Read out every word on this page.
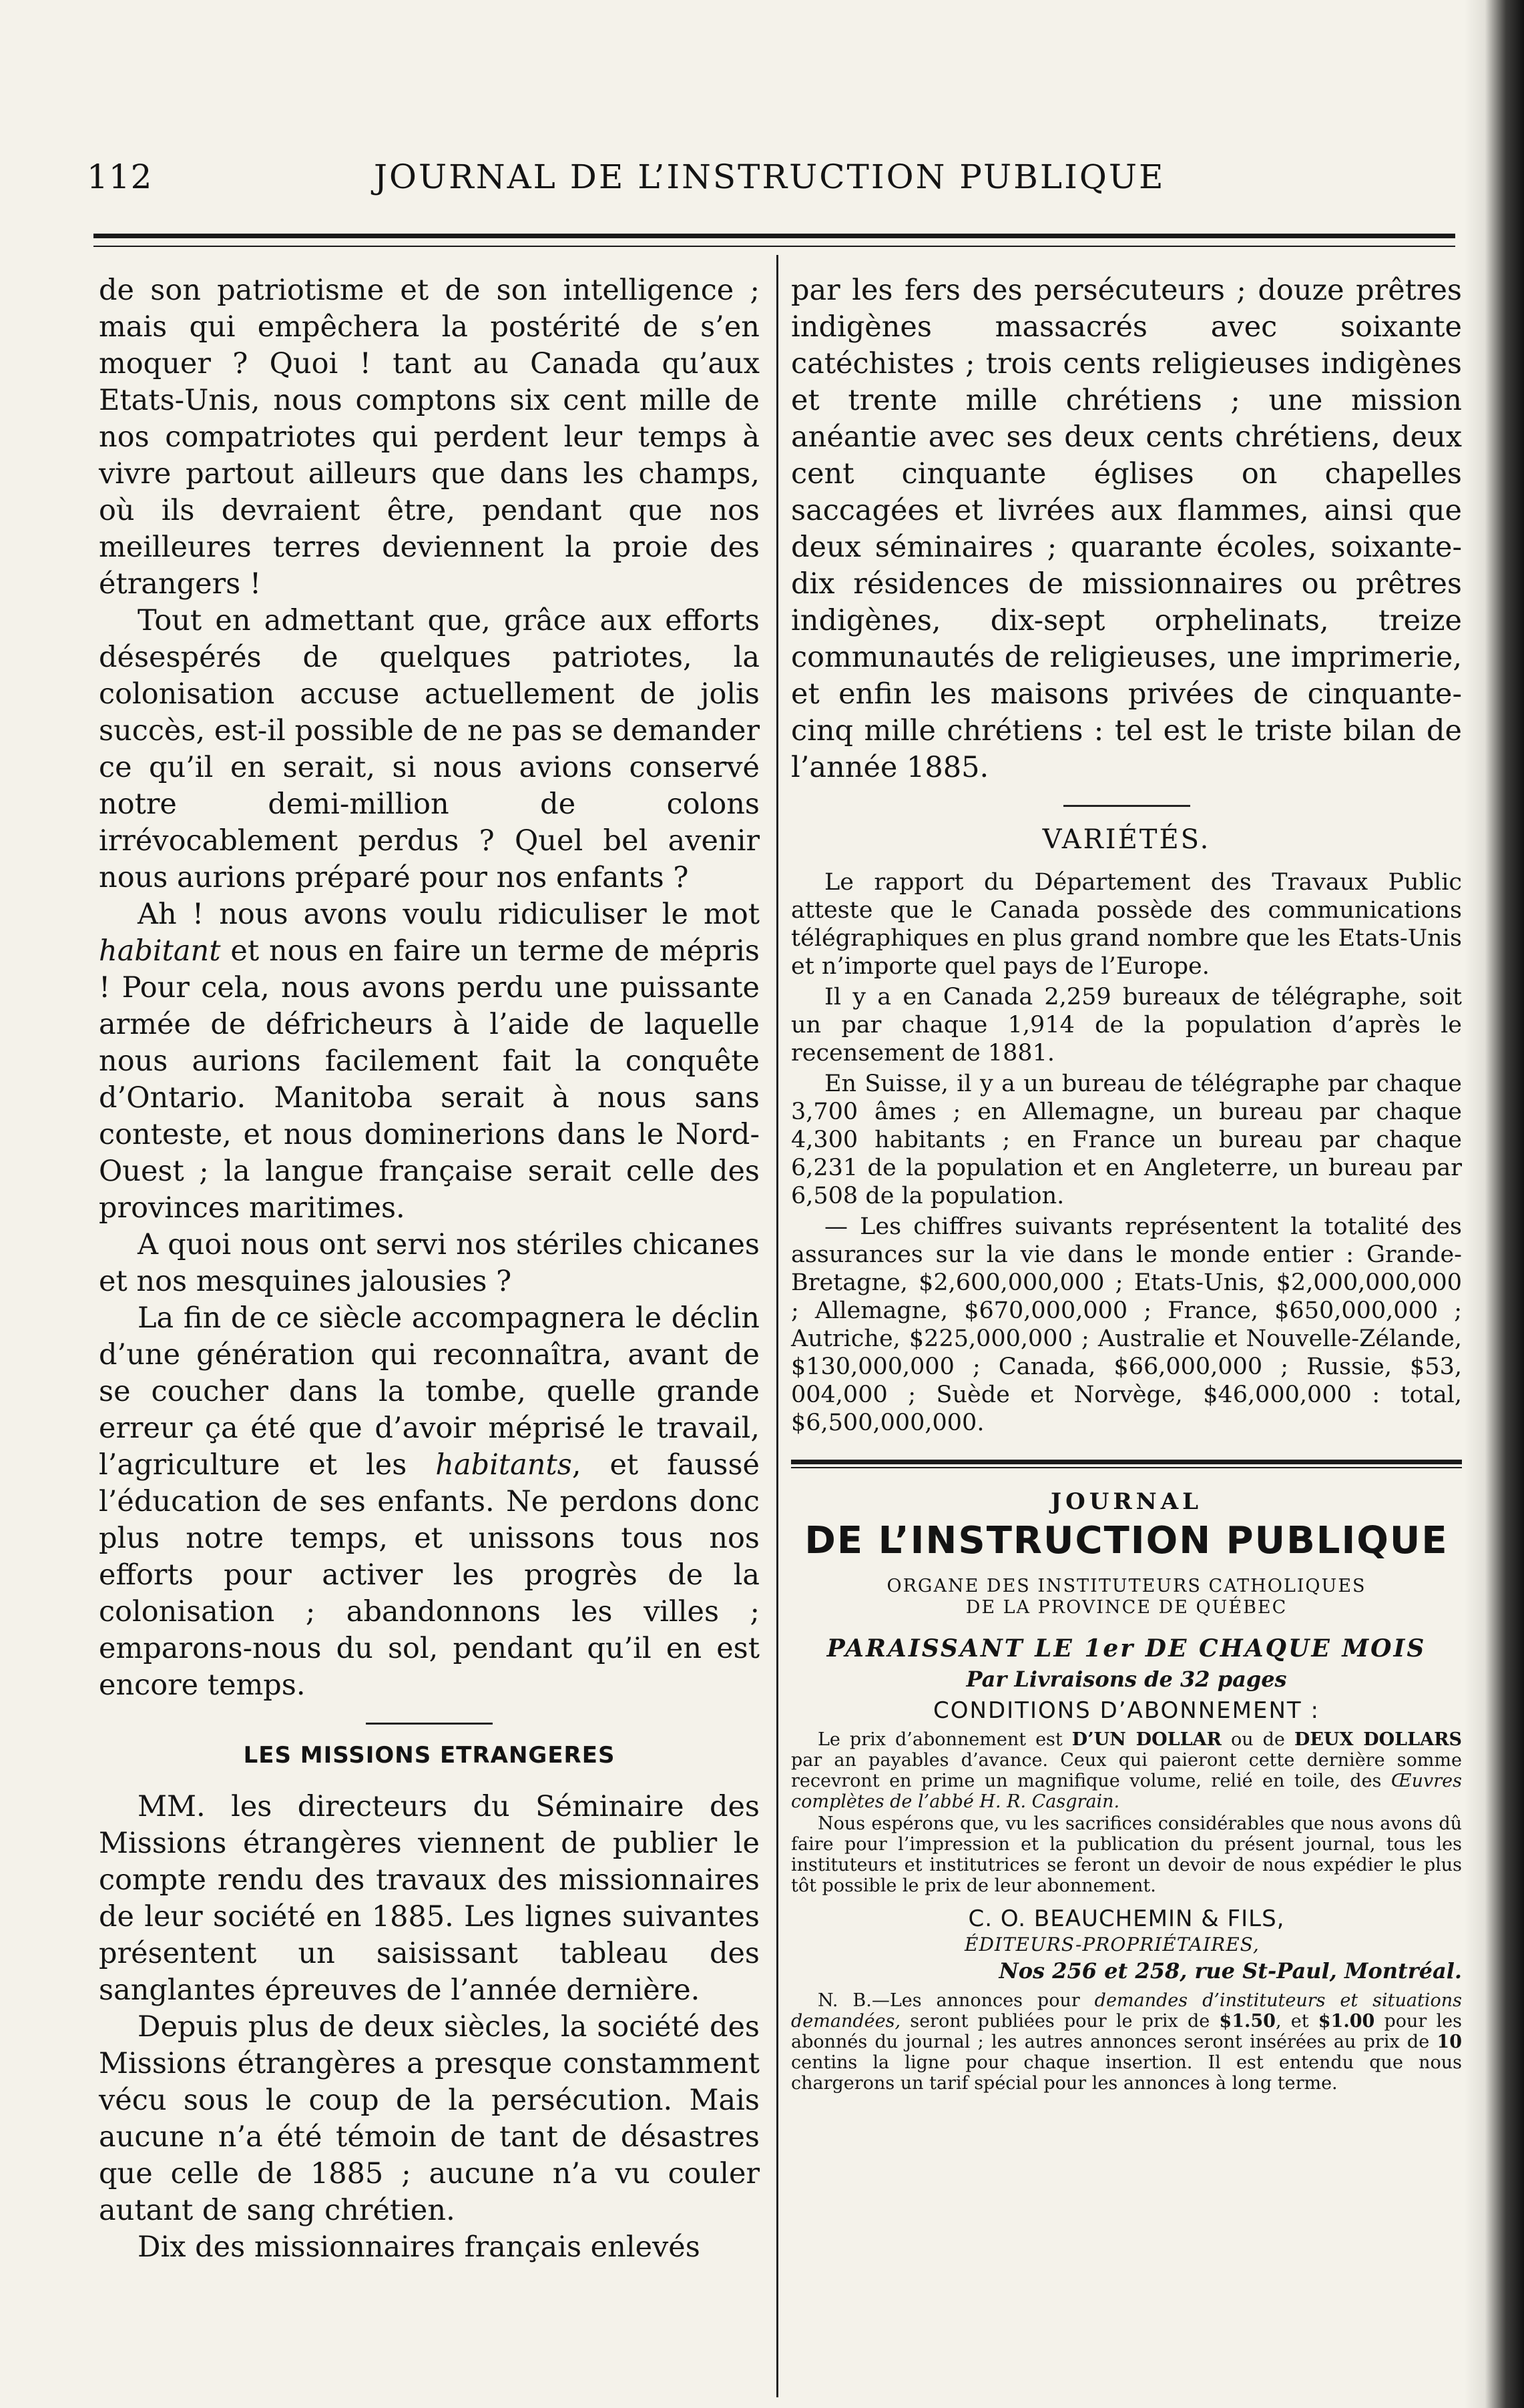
112	JOURNAL DE L’INSTRUCTION PUBLIQUE

de son patriotisme et de son intelligence ; mais qui empêchera la postérité de s’en moquer ? Quoi ! tant au Canada qu’aux Etats-Unis, nous comptons six cent mille de nos compatriotes qui perdent leur temps à vivre partout ailleurs que dans les champs, où ils devraient être, pendant que nos meilleures terres deviennent la proie des étrangers !

Tout en admettant que, grâce aux efforts désespérés de quelques patriotes, la colonisation accuse actuellement de jolis succès, est-il possible de ne pas se demander ce qu’il en serait, si nous avions conservé notre demi-million de colons irrévocablement perdus ? Quel bel avenir nous aurions préparé pour nos enfants ?

Ah ! nous avons voulu ridiculiser le mot habitant et nous en faire un terme de mépris ! Pour cela, nous avons perdu une puissante armée de défricheurs à l’aide de laquelle nous aurions facilement fait la conquête d’Ontario. Manitoba serait à nous sans conteste, et nous dominerions dans le Nord-Ouest ; la langue française serait celle des provinces maritimes.

A quoi nous ont servi nos stériles chicanes et nos mesquines jalousies ?

La fin de ce siècle accompagnera le déclin d’une génération qui reconnaîtra, avant de se coucher dans la tombe, quelle grande erreur ça été que d’avoir méprisé le travail, l’agriculture et les habitants, et faussé l’éducation de ses enfants. Ne perdons donc plus notre temps, et unissons tous nos efforts pour activer les progrès de la colonisation ; abandonnons les villes ; emparons-nous du sol, pendant qu’il en est encore temps.

LES MISSIONS ETRANGERES

MM. les directeurs du Séminaire des Missions étrangères viennent de publier le compte rendu des travaux des missionnaires de leur société en 1885. Les lignes suivantes présentent un saisissant tableau des sanglantes épreuves de l’année dernière.

Depuis plus de deux siècles, la société des Missions étrangères a presque constamment vécu sous le coup de la persécution. Mais aucune n’a été témoin de tant de désastres que celle de 1885 ; aucune n’a vu couler autant de sang chrétien.

Dix des missionnaires français enlevés

par les fers des persécuteurs ; douze prêtres indigènes massacrés avec soixante catéchistes ; trois cents religieuses indigènes et trente mille chrétiens ; une mission anéantie avec ses deux cents chrétiens, deux cent cinquante églises on chapelles saccagées et livrées aux flammes, ainsi que deux séminaires ; quarante écoles, soixante-dix résidences de missionnaires ou prêtres indigènes, dix-sept orphelinats, treize communautés de religieuses, une imprimerie, et enfin les maisons privées de cinquante-cinq mille chrétiens : tel est le triste bilan de l’année 1885.

VARIÉTÉS.

Le rapport du Département des Travaux Public atteste que le Canada possède des communications télégraphiques en plus grand nombre que les Etats-Unis et n’importe quel pays de l’Europe.

Il y a en Canada 2,259 bureaux de télégraphe, soit un par chaque 1,914 de la population d’après le recensement de 1881.

En Suisse, il y a un bureau de télégraphe par chaque 3,700 âmes ; en Allemagne, un bureau par chaque 4,300 habitants ; en France un bureau par chaque 6,231 de la population et en Angleterre, un bureau par 6,508 de la population.

— Les chiffres suivants représentent la totalité des assurances sur la vie dans le monde entier : Grande-Bretagne, $2,600,000,000 ; Etats-Unis, $2,000,000,000 ; Allemagne, $670,000,000 ; France, $650,000,000 ; Autriche, $225,000,000 ; Australie et Nouvelle-Zélande, $130,000,000 ; Canada, $66,000,000 ; Russie, $53, 004,000 ; Suède et Norvège, $46,000,000 : total, $6,500,000,000.

JOURNAL
DE L’INSTRUCTION PUBLIQUE
ORGANE DES INSTITUTEURS CATHOLIQUES
DE LA PROVINCE DE QUÉBEC
PARAISSANT LE 1er DE CHAQUE MOIS
Par Livraisons de 32 pages
CONDITIONS D’ABONNEMENT :

Le prix d’abonnement est D’UN DOLLAR ou de DEUX DOLLARS par an payables d’avance. Ceux qui paieront cette dernière somme recevront en prime un magnifique volume, relié en toile, des Œuvres complètes de l’abbé H. R. Casgrain.

Nous espérons que, vu les sacrifices considérables que nous avons dû faire pour l’impression et la publication du présent journal, tous les instituteurs et institutrices se feront un devoir de nous expédier le plus tôt possible le prix de leur abonnement.

C. O. BEAUCHEMIN & FILS,
ÉDITEURS-PROPRIÉTAIRES,
Nos 256 et 258, rue St-Paul, Montréal.

N. B.—Les annonces pour demandes d’instituteurs et situations demandées, seront publiées pour le prix de $1.50, et $1.00 pour les abonnés du journal ; les autres annonces seront insérées au prix de 10 centins la ligne pour chaque insertion. Il est entendu que nous chargerons un tarif spécial pour les annonces à long terme.
